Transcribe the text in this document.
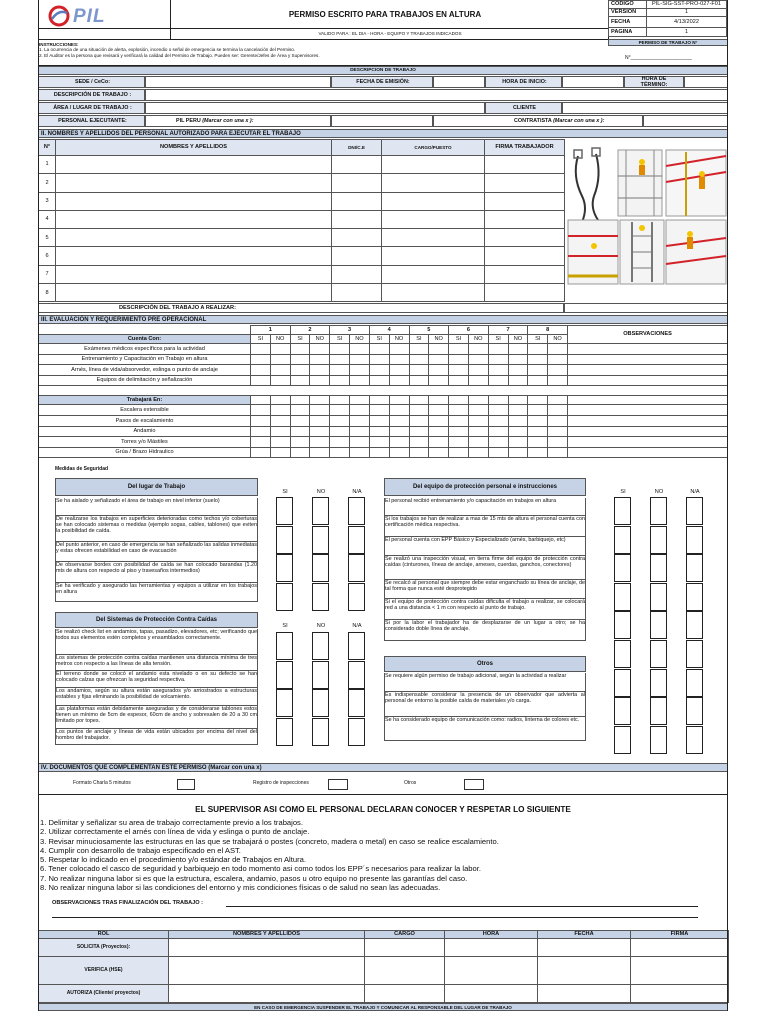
PIL	PERMISO ESCRITO PARA TRABAJOS EN ALTURA
VALIDO PARA : EL DIA - HORA - EQUIPO Y TRABAJOS INDICADOS
CODIGO	PIL-SIG-SST-PRO-027-F01
VERSION	1
FECHA	4/13/2022
PAGINA	1
INSTRUCCIONES:
1. La ocurrencia de una situación de alerta, explosión, incendio o señal de emergencia se termina la cancelación del Permiso.
2. El Auditor es la persona que revisará y verificará la calidad del Permiso de Trabajo. Pueden ser: Gerente/Jefes de Área y Supervisores.
PERMISO DE TRABAJO N°
N°______________________
DESCRIPCION DE TRABAJO
SEDE / CeCo:	FECHA DE EMISIÓN:	HORA DE INICIO:	HORA DE TÉRMINO:
DESCRIPCIÓN DE TRABAJO :
ÁREA / LUGAR DE TRABAJO :	CLIENTE
PERSONAL EJECUTANTE:	PIL PERU (Marcar con una x ):	CONTRATISTA (Marcar con una x ):
II. NOMBRES Y APELLIDOS DEL PERSONAL AUTORIZADO PARA EJECUTAR EL TRABAJO
N°	NOMBRES Y APELLIDOS	DNI/C.E	CARGO/PUESTO	FIRMA TRABAJADOR
1				
2				
3				
4				
5				
6				
7				
8				
DESCRIPCIÓN DEL TRABAJO A REALIZAR:
III. EVALUACIÓN Y REQUERIMIENTO PRE OPERACIONAL
	1		2		3		4		5		6		7		8		OBSERVACIONES
Cuenta Con:	SI	NO	SI	NO	SI	NO	SI	NO	SI	NO	SI	NO	SI	NO	SI	NO	
Exámenes médicos específicos para la actividad																	
Entrenamiento y Capacitación en Trabajo en altura																	
Arnés, línea de vida/absorvedor, eslinga o punto de anclaje																	
Equipos de delimitación y señalización																	

Trabajará En:																	
Escalera extensible																	
Pasos de escalamiento																	
Andamio																	
Torres y/o Mástiles																	
Grúa / Brazo Hidraulico																	
Medidas de Seguridad
Del lugar de Trabajo	Del equipo de protección personal e instrucciones
SI	NO	N/A
SI	NO	N/A
SI	NO	N/A
Se ha aislado y señalizado el área de trabajo en nivel inferior (suelo)
De realizarse los trabajos en superficies deterioradas como techos y/o coberturas se han colocado sistemas o medidas (ejemplo sogas, cables, tablones) que eviten la posibilidad de caída.
Del punto anterior, en caso de emergencia se han señalizado las salidas inmediatas y estas ofrecen estabilidad en caso de evacuación
De observarse bordes con posibilidad de caída se han colocado barandas (1.20 mts de altura con respecto al piso y travesaños intermedios)
Se ha verificado y asegurado las herramientas y equipos a utilizar en los trabajos en altura
Se realizó check list en andamios, tapas, pasadizo, elevadores, etc; verificando que todos sus elementos estén completos y ensamblados correctamente.
Los sistemas de protección contra caídas mantienen una distancia mínima de tres metros con respecto a las líneas de alta tensión.
El terreno donde se colocó el andamio esta nivelado o en su defecto se han colocado calzas que ofrezcan la seguridad respectiva.
Los andamios, según su altura están asegurados y/o arriostrados a estructuras estables y fijas eliminando la posibilidad de volcamiento.
Las plataformas están debidamente aseguradas y de considerarse tablones estos tienen un mínimo de 5cm de espesor, 60cm de ancho y sobresalen de 20 a 30 cm limitado por topes.
Los puntos de anclaje y líneas de vida están ubicados por encima del nivel del hombro del trabajador.
El personal recibió entrenamiento y/o capacitación en trabajos en altura
Si los trabajos se han de realizar a mas de 15 mts de altura el personal cuenta con certificación médica respectiva.
El personal cuenta con EPP Básico y Especializado (arnés, barbiquejo, etc)
Se realizó una inspección visual, en tierra firme del equipo de protección contra caídas (cinturones, líneas de anclaje, arneses, cuerdas, ganchos, conectores)
Se recalcó al personal que siempre debe estar enganchado su línea de anclaje, de tal forma que nunca esté desprotegido
Si el equipo de protección contra caídas dificulta el trabajo a realizar, se colocará red a una distancia < 1 m con respecto al punto de trabajo.
Si por la labor el trabajador ha de desplazarse de un lugar a otro; se ha considerado doble línea de anclaje.
Se requiere algún permiso de trabajo adicional, según la actividad a realizar
Es indispensable considerar la presencia de un observador que advierta al personal de entorno la posible caída de materiales y/o carga.
Se ha considerado equipo de comunicación como: radios, linterna de colores etc.
Del Sistemas de Protección Contra Caídas
Otros
IV. DOCUMENTOS QUE COMPLEMENTAN ESTE PERMISO (Marcar con una x)
Formato Charla 5 minutos	Registro de inspecciones	Otros
EL SUPERVISOR ASI COMO EL PERSONAL DECLARAN CONOCER Y RESPETAR LO SIGUIENTE
1. Delimitar y señalizar su area de trabajo correctamente previo a los trabajos.
2. Utilizar correctamente el arnés con línea de vida y eslinga o punto de anclaje.
3. Revisar minuciosamente las estructuras en las que se trabajará o postes (concreto, madera o metal) en caso se realice escalamiento.
4. Cumplir con desarrollo de trabajo especificado en el AST.
5. Respetar lo indicado en el procedimiento y/o estándar de Trabajos en Altura.
6. Tener colocado el casco de seguridad y barbiquejo en todo momento asi como todos los EPP´s necesarios para realizar la labor.
7. No realizar ninguna labor si es que la estructura, escalera, andamio, pasos u otro equipo no presente las garantías del caso.
8. No realizar ninguna labor si las condiciones del entorno y mis condiciones físicas o de salud no sean las adecuadas.
OBSERVACIONES TRAS FINALIZACIÓN DEL TRABAJO :
ROL	NOMBRES Y APELLIDOS	CARGO	HORA	FECHA	FIRMA
SOLICITA (Proyectos):					
VERIFICA (HSE)					
AUTORIZA (Cliente/ proyectos)					
EN CASO DE EMERGENCIA SUSPENDER EL TRABAJO Y COMUNICAR AL RESPONSABLE DEL LUGAR DE TRABAJO
